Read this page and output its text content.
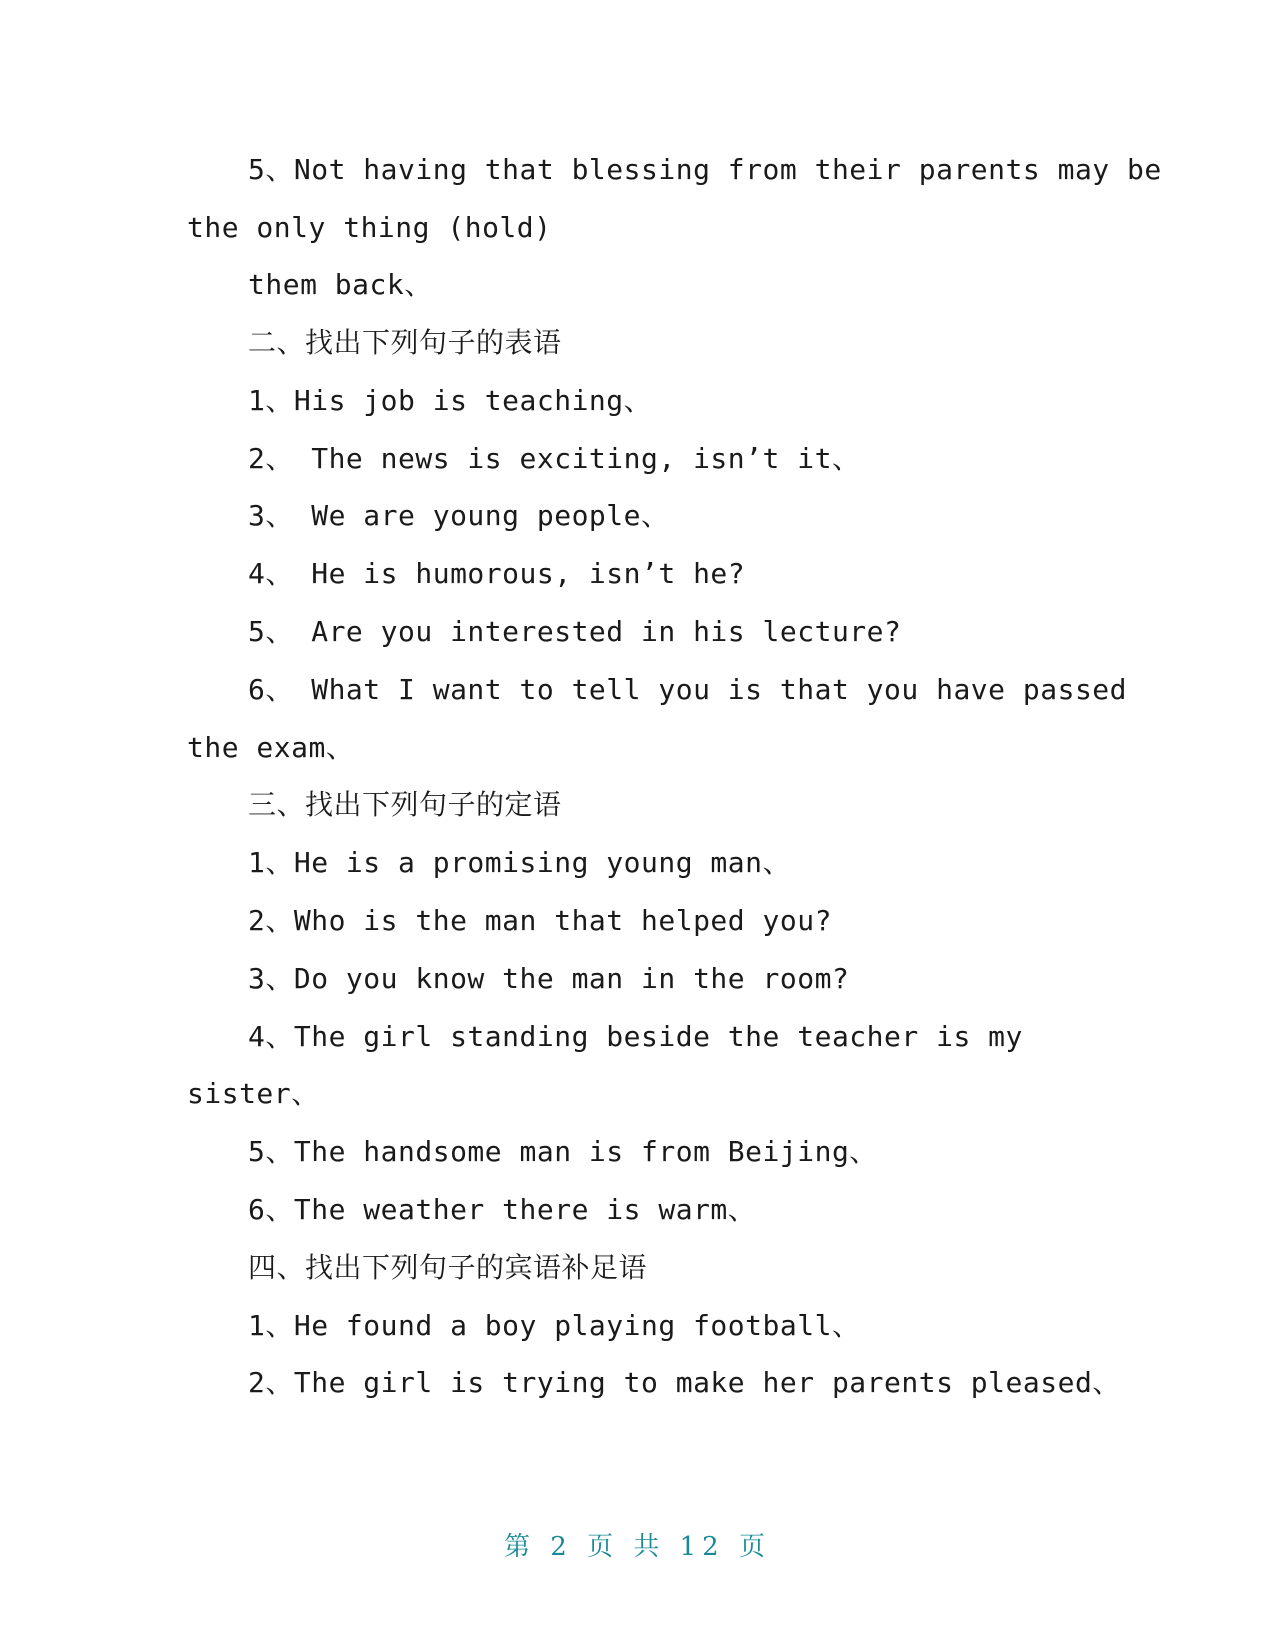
5、Not having that blessing from their parents may be
the only thing (hold)
them back、
二、找出下列句子的表语
1、His job is teaching、
2、 The news is exciting, isn’t it、
3、 We are young people、
4、 He is humorous, isn’t he?
5、 Are you interested in his lecture?
6、 What I want to tell you is that you have passed
the exam、
三、找出下列句子的定语
1、He is a promising young man、
2、Who is the man that helped you?
3、Do you know the man in the room?
4、The girl standing beside the teacher is my
sister、
5、The handsome man is from Beijing、
6、The weather there is warm、
四、找出下列句子的宾语补足语
1、He found a boy playing football、
2、The girl is trying to make her parents pleased、
第 2 页 共 12 页
